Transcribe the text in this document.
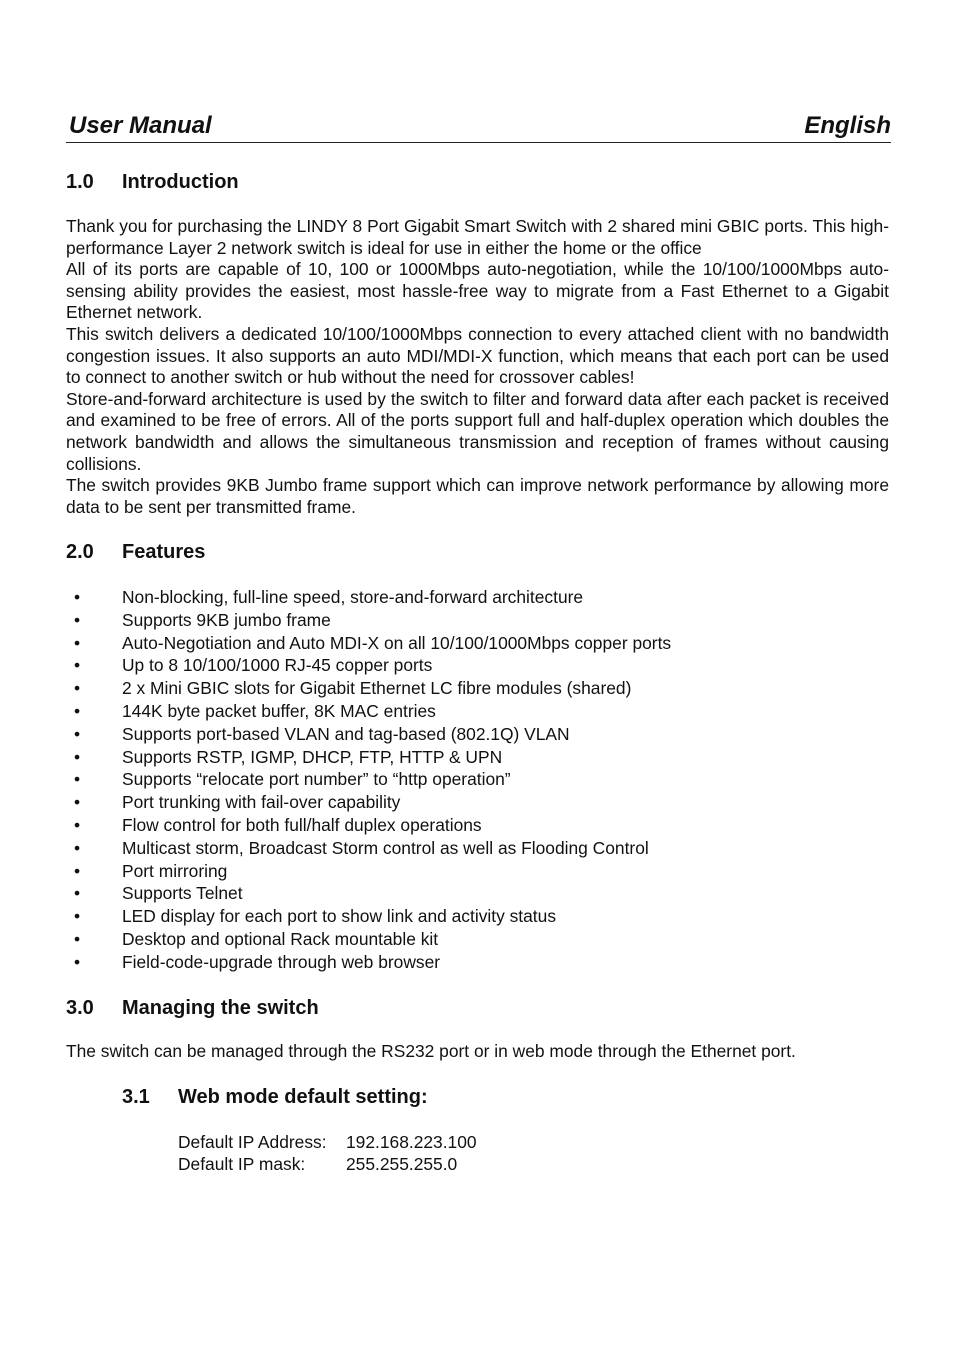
User Manual	English
1.0 Introduction

Thank you for purchasing the LINDY 8 Port Gigabit Smart Switch with 2 shared mini GBIC ports. This high-performance Layer 2 network switch is ideal for use in either the home or the office

All of its ports are capable of 10, 100 or 1000Mbps auto-negotiation, while the 10/100/1000Mbps auto-sensing ability provides the easiest, most hassle-free way to migrate from a Fast Ethernet to a Gigabit Ethernet network.

This switch delivers a dedicated 10/100/1000Mbps connection to every attached client with no bandwidth congestion issues. It also supports an auto MDI/MDI-X function, which means that each port can be used to connect to another switch or hub without the need for crossover cables!

Store-and-forward architecture is used by the switch to filter and forward data after each packet is received and examined to be free of errors. All of the ports support full and half-duplex operation which doubles the network bandwidth and allows the simultaneous transmission and reception of frames without causing collisions.

The switch provides 9KB Jumbo frame support which can improve network performance by allowing more data to be sent per transmitted frame.

2.0 Features
• Non-blocking, full-line speed, store-and-forward architecture
• Supports 9KB jumbo frame
• Auto-Negotiation and Auto MDI-X on all 10/100/1000Mbps copper ports
• Up to 8 10/100/1000 RJ-45 copper ports
• 2 x Mini GBIC slots for Gigabit Ethernet LC fibre modules (shared)
• 144K byte packet buffer, 8K MAC entries
• Supports port-based VLAN and tag-based (802.1Q) VLAN
• Supports RSTP, IGMP, DHCP, FTP, HTTP & UPN
• Supports “relocate port number” to “http operation”
• Port trunking with fail-over capability
• Flow control for both full/half duplex operations
• Multicast storm, Broadcast Storm control as well as Flooding Control
• Port mirroring
• Supports Telnet
• LED display for each port to show link and activity status
• Desktop and optional Rack mountable kit
• Field-code-upgrade through web browser
3.0 Managing the switch

The switch can be managed through the RS232 port or in web mode through the Ethernet port.

3.1 Web mode default setting:
Default IP Address: 192.168.223.100
Default IP mask: 255.255.255.0
